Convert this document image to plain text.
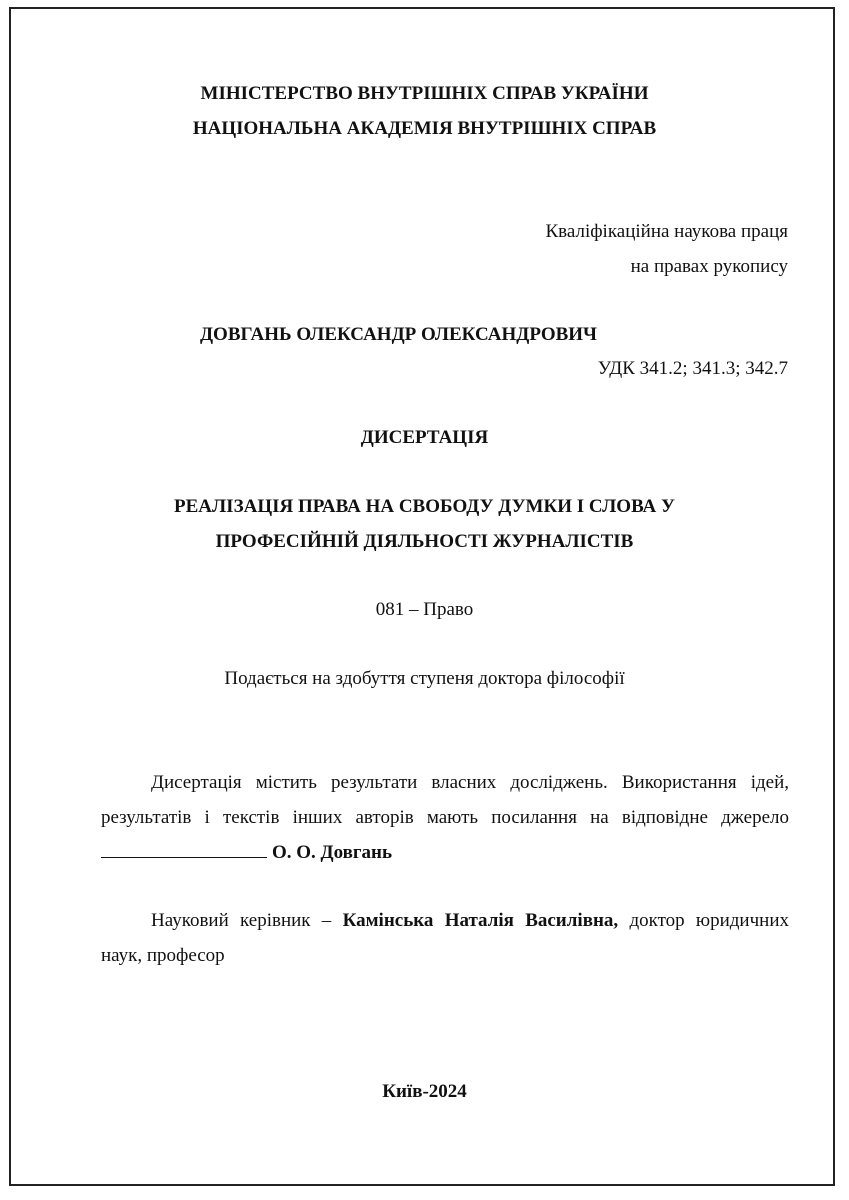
МІНІСТЕРСТВО ВНУТРІШНІХ СПРАВ УКРАЇНИ
НАЦІОНАЛЬНА АКАДЕМІЯ ВНУТРІШНІХ СПРАВ
Кваліфікаційна наукова праця
на правах рукопису
ДОВГАНЬ ОЛЕКСАНДР ОЛЕКСАНДРОВИЧ
УДК 341.2; 341.3; 342.7
ДИСЕРТАЦІЯ
РЕАЛІЗАЦІЯ ПРАВА НА СВОБОДУ ДУМКИ І СЛОВА У
ПРОФЕСІЙНІЙ ДІЯЛЬНОСТІ ЖУРНАЛІСТІВ
081 – Право
Подається на здобуття ступеня доктора філософії
Дисертація містить результати власних досліджень. Використання ідей,
результатів і текстів інших авторів мають посилання на відповідне джерело
О. О. Довгань
Науковий керівник – Камінська Наталія Василівна, доктор юридичних
наук, професор
Київ-2024
